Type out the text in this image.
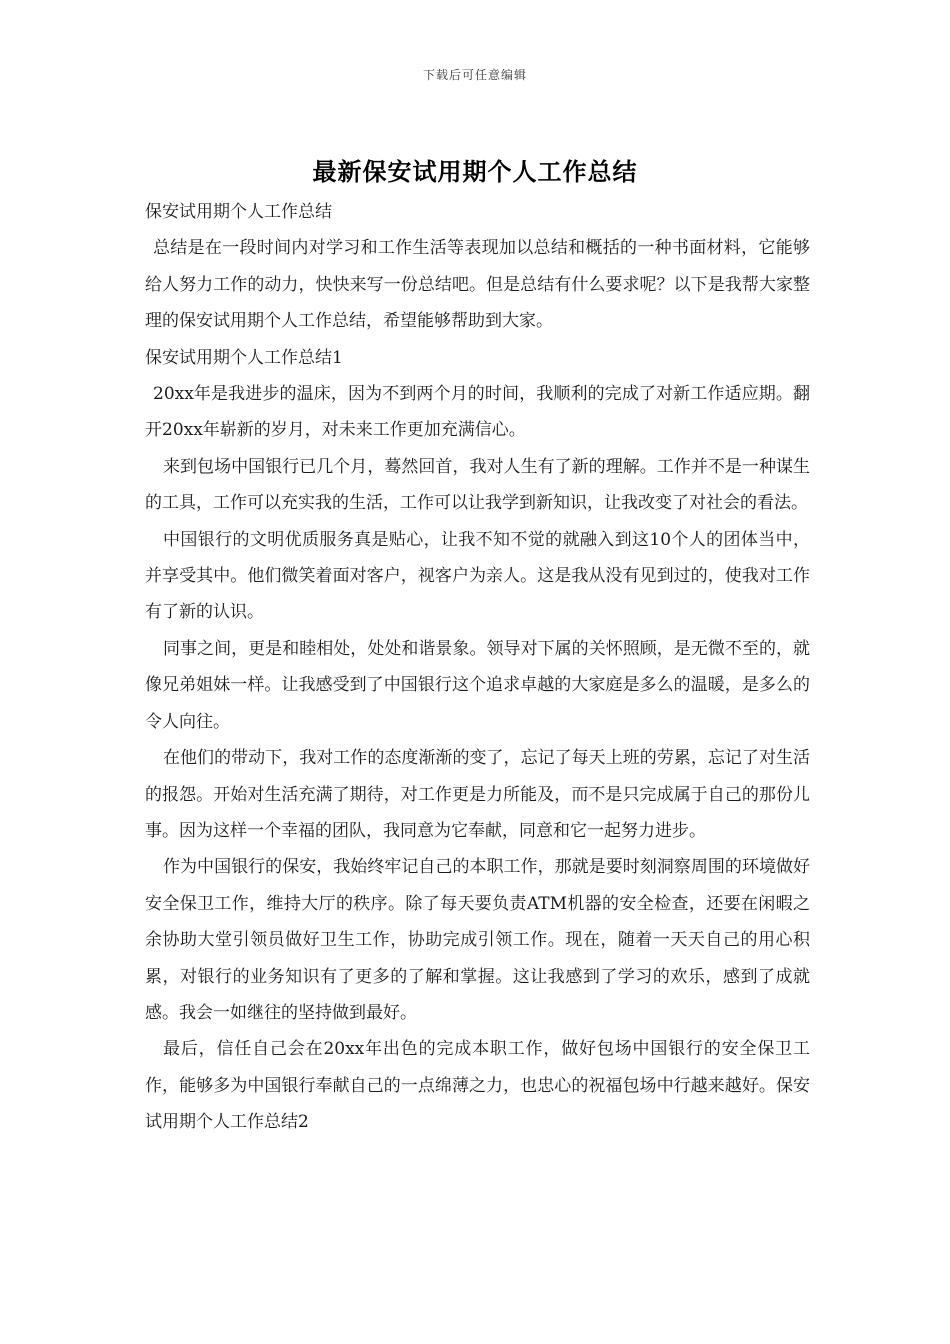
下载后可任意编辑
最新保安试用期个人工作总结

保安试用期个人工作总结

总结是在一段时间内对学习和工作生活等表现加以总结和概括的一种书面材料，它能够给人努力工作的动力，快快来写一份总结吧。但是总结有什么要求呢？以下是我帮大家整理的保安试用期个人工作总结，希望能够帮助到大家。

保安试用期个人工作总结1

20xx年是我进步的温床，因为不到两个月的时间，我顺利的完成了对新工作适应期。翻开20xx年崭新的岁月，对未来工作更加充满信心。

来到包场中国银行已几个月，蓦然回首，我对人生有了新的理解。工作并不是一种谋生的工具，工作可以充实我的生活，工作可以让我学到新知识，让我改变了对社会的看法。

中国银行的文明优质服务真是贴心，让我不知不觉的就融入到这10个人的团体当中，并享受其中。他们微笑着面对客户，视客户为亲人。这是我从没有见到过的，使我对工作有了新的认识。

同事之间，更是和睦相处，处处和谐景象。领导对下属的关怀照顾，是无微不至的，就像兄弟姐妹一样。让我感受到了中国银行这个追求卓越的大家庭是多么的温暖，是多么的令人向往。

在他们的带动下，我对工作的态度渐渐的变了，忘记了每天上班的劳累，忘记了对生活的报怨。开始对生活充满了期待，对工作更是力所能及，而不是只完成属于自己的那份儿事。因为这样一个幸福的团队，我同意为它奉献，同意和它一起努力进步。

作为中国银行的保安，我始终牢记自己的本职工作，那就是要时刻洞察周围的环境做好安全保卫工作，维持大厅的秩序。除了每天要负责ATM机器的安全检查，还要在闲暇之余协助大堂引领员做好卫生工作，协助完成引领工作。现在，随着一天天自己的用心积累，对银行的业务知识有了更多的了解和掌握。这让我感到了学习的欢乐，感到了成就感。我会一如继往的坚持做到最好。

最后，信任自己会在20xx年出色的完成本职工作，做好包场中国银行的安全保卫工作，能够多为中国银行奉献自己的一点绵薄之力，也忠心的祝福包场中行越来越好。保安试用期个人工作总结2
